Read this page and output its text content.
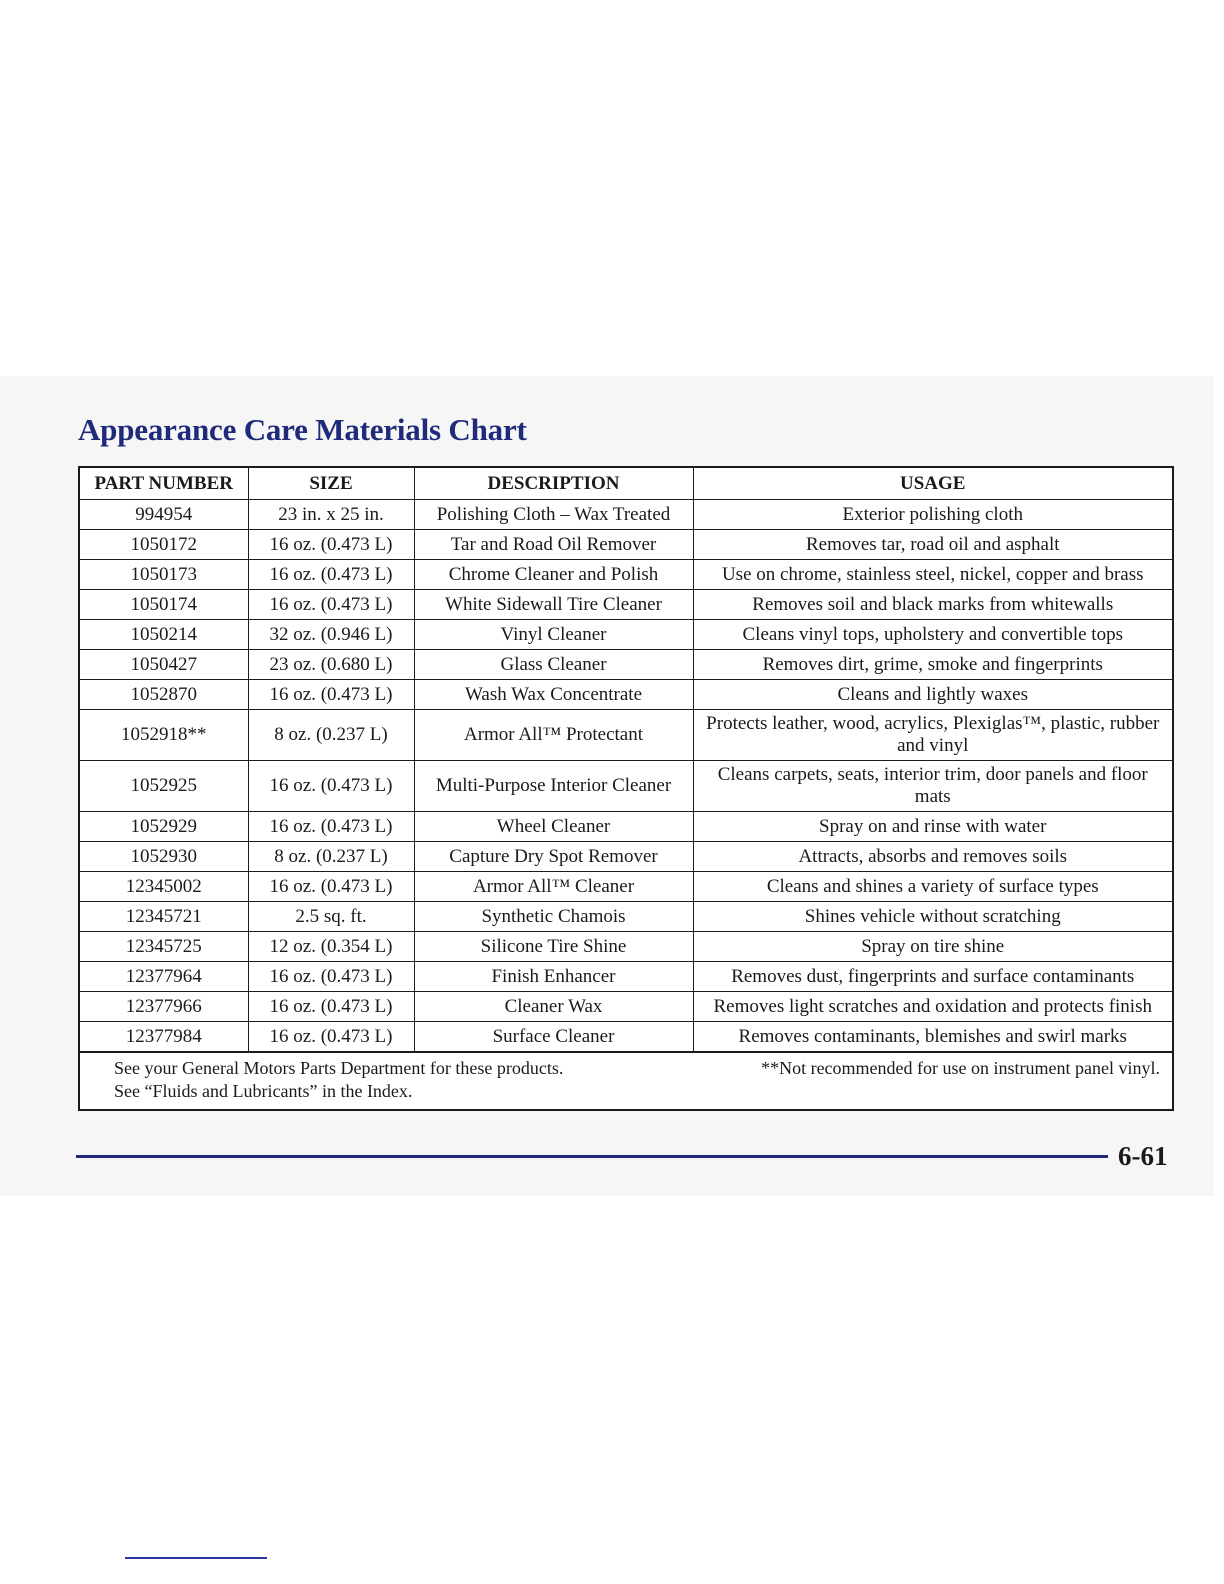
Appearance Care Materials Chart
PART NUMBER	SIZE	DESCRIPTION	USAGE
994954	23 in. x 25 in.	Polishing Cloth – Wax Treated	Exterior polishing cloth
1050172	16 oz. (0.473 L)	Tar and Road Oil Remover	Removes tar, road oil and asphalt
1050173	16 oz. (0.473 L)	Chrome Cleaner and Polish	Use on chrome, stainless steel, nickel, copper and brass
1050174	16 oz. (0.473 L)	White Sidewall Tire Cleaner	Removes soil and black marks from whitewalls
1050214	32 oz. (0.946 L)	Vinyl Cleaner	Cleans vinyl tops, upholstery and convertible tops
1050427	23 oz. (0.680 L)	Glass Cleaner	Removes dirt, grime, smoke and fingerprints
1052870	16 oz. (0.473 L)	Wash Wax Concentrate	Cleans and lightly waxes
1052918**	8 oz. (0.237 L)	Armor All™ Protectant	Protects leather, wood, acrylics, Plexiglas™, plastic, rubber and vinyl
1052925	16 oz. (0.473 L)	Multi-Purpose Interior Cleaner	Cleans carpets, seats, interior trim, door panels and floor mats
1052929	16 oz. (0.473 L)	Wheel Cleaner	Spray on and rinse with water
1052930	8 oz. (0.237 L)	Capture Dry Spot Remover	Attracts, absorbs and removes soils
12345002	16 oz. (0.473 L)	Armor All™ Cleaner	Cleans and shines a variety of surface types
12345721	2.5 sq. ft.	Synthetic Chamois	Shines vehicle without scratching
12345725	12 oz. (0.354 L)	Silicone Tire Shine	Spray on tire shine
12377964	16 oz. (0.473 L)	Finish Enhancer	Removes dust, fingerprints and surface contaminants
12377966	16 oz. (0.473 L)	Cleaner Wax	Removes light scratches and oxidation and protects finish
12377984	16 oz. (0.473 L)	Surface Cleaner	Removes contaminants, blemishes and swirl marks
See your General Motors Parts Department for these products.
See “Fluids and Lubricants” in the Index.
**Not recommended for use on instrument panel vinyl.
6-61
